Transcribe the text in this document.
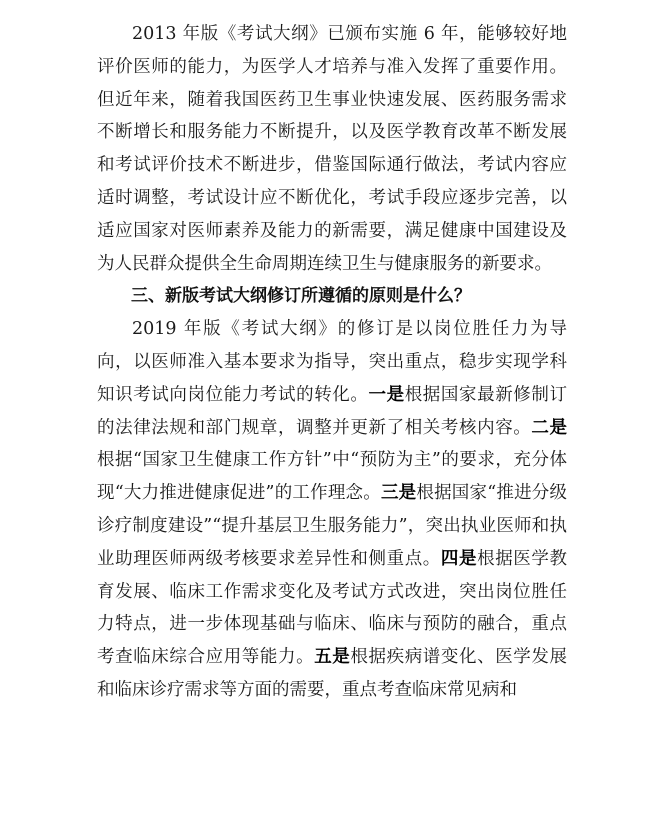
2013 年版《考试大纲》已颁布实施 6 年，能够较好地评价医师的能力，为医学人才培养与准入发挥了重要作用。但近年来，随着我国医药卫生事业快速发展、医药服务需求不断增长和服务能力不断提升，以及医学教育改革不断发展和考试评价技术不断进步，借鉴国际通行做法，考试内容应适时调整，考试设计应不断优化，考试手段应逐步完善，以适应国家对医师素养及能力的新需要，满足健康中国建设及为人民群众提供全生命周期连续卫生与健康服务的新要求。

三、新版考试大纲修订所遵循的原则是什么？

2019 年版《考试大纲》的修订是以岗位胜任力为导向，以医师准入基本要求为指导，突出重点，稳步实现学科知识考试向岗位能力考试的转化。一是根据国家最新修制订的法律法规和部门规章，调整并更新了相关考核内容。二是根据“国家卫生健康工作方针”中“预防为主”的要求，充分体现“大力推进健康促进”的工作理念。三是根据国家“推进分级诊疗制度建设”“提升基层卫生服务能力”，突出执业医师和执业助理医师两级考核要求差异性和侧重点。四是根据医学教育发展、临床工作需求变化及考试方式改进，突出岗位胜任力特点，进一步体现基础与临床、临床与预防的融合，重点考查临床综合应用等能力。五是根据疾病谱变化、医学发展和临床诊疗需求等方面的需要，重点考查临床常见病和
